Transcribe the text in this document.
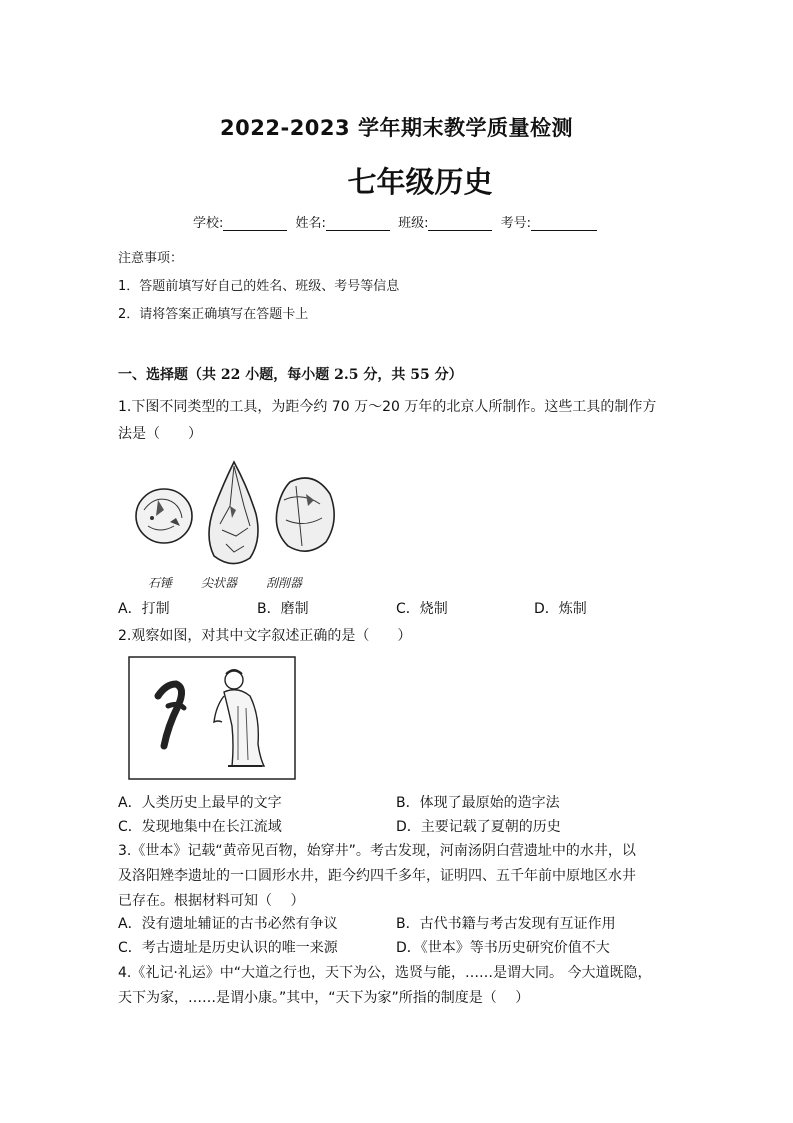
2022-2023 学年期末教学质量检测
七年级历史
学校:	姓名:	班级:	考号:
注意事项：
1．答题前填写好自己的姓名、班级、考号等信息
2．请将答案正确填写在答题卡上
一、选择题（共 22 小题，每小题 2.5 分，共 55 分）
1.下图不同类型的工具，为距今约 70 万～20 万年的北京人所制作。这些工具的制作方
法是（　　）
石锤 尖状器 刮削器
A．打制	B．磨制	C．烧制	D．炼制
2.观察如图，对其中文字叙述正确的是（　　）
A．人类历史上最早的文字	B．体现了最原始的造字法
C．发现地集中在长江流域	D．主要记载了夏朝的历史
3.《世本》记载“黄帝见百物，始穿井”。考古发现，河南汤阴白营遗址中的水井，以
及洛阳矬李遗址的一口圆形水井，距今约四千多年，证明四、五千年前中原地区水井
已存在。根据材料可知（　 ）
A．没有遗址辅证的古书必然有争议	B．古代书籍与考古发现有互证作用
C．考古遗址是历史认识的唯一来源	D．《世本》等书历史研究价值不大
4.《礼记·礼运》中“大道之行也，天下为公，选贤与能，……是谓大同。 今大道既隐，
天下为家，……是谓小康。”其中，“天下为家”所指的制度是（　 ）
